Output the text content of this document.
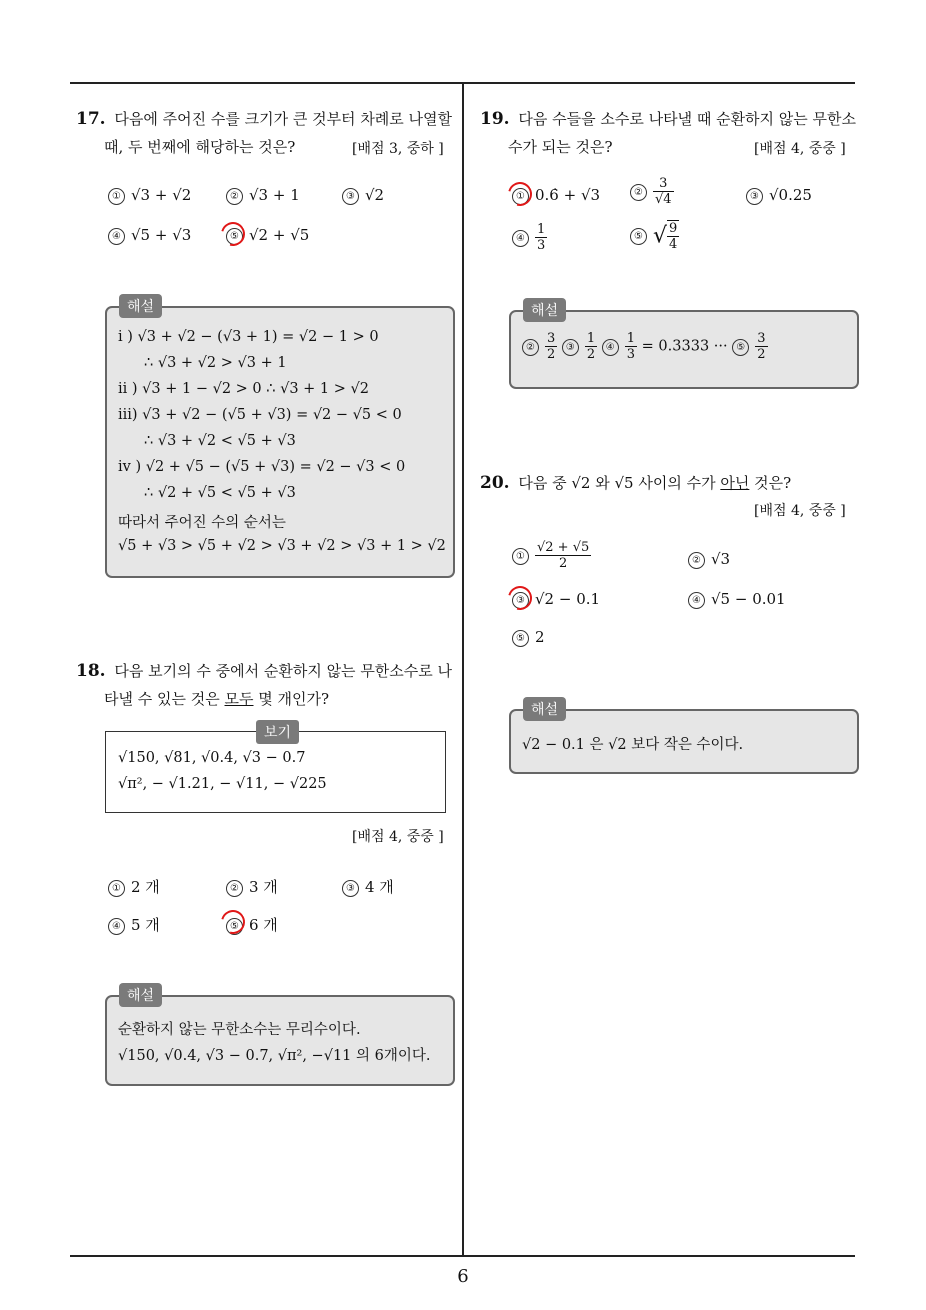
17. 다음에 주어진 수를 크기가 큰 것부터 차례로 나열할
때, 두 번째에 해당하는 것은?	[배점 3, 중하 ]
① √3 + √2	② √3 + 1	③ √2
④ √5 + √3	⑤ √2 + √5
해설
i ) √3 + √2 − (√3 + 1) = √2 − 1 > 0
∴ √3 + √2 > √3 + 1
ii ) √3 + 1 − √2 > 0 ∴ √3 + 1 > √2
iii) √3 + √2 − (√5 + √3) = √2 − √5 < 0
∴ √3 + √2 < √5 + √3
iv ) √2 + √5 − (√5 + √3) = √2 − √3 < 0
∴ √2 + √5 < √5 + √3
따라서 주어진 수의 순서는
√5 + √3 > √5 + √2 > √3 + √2 > √3 + 1 > √2
18. 다음 보기의 수 중에서 순환하지 않는 무한소수로 나
타낼 수 있는 것은 모두 몇 개인가?
보기
√150, √81, √0.4, √3 − 0.7
√π², − √1.21, − √11, − √225
[배점 4, 중중 ]
① 2 개	② 3 개	③ 4 개
④ 5 개	⑤ 6 개
해설
순환하지 않는 무한소수는 무리수이다.
√150, √0.4, √3 − 0.7, √π², −√11 의 6개이다.
19. 다음 수들을 소수로 나타낼 때 순환하지 않는 무한소
수가 되는 것은?	[배점 4, 중중 ]
① 0.6̇ + √3	② $\frac{3}{√4}$	③ √0.25
④ $\frac{1}{3}$	⑤ √ $\frac{9}{4}$
해설
② $\frac{3}{2}$ ③ $\frac{1}{2}$ ④ $\frac{1}{3} = 0.3333$ ··· ⑤ $\frac{3}{2}$
20. 다음 중 √2 와 √5 사이의 수가 아닌 것은?
[배점 4, 중중 ]
① $\frac{√2 + √5}{2}$	② √3
③ √2 − 0.1	④ √5 − 0.01
⑤ 2
해설
√2 − 0.1 은 √2 보다 작은 수이다.
6
